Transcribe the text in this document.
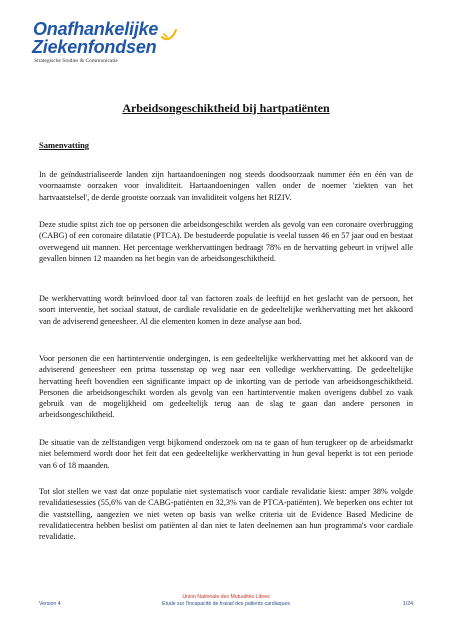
Onafhankelijke
Ziekenfondsen
Strategische Studies & Communicatie
Arbeidsongeschiktheid bij hartpatiënten
Samenvatting

In de geïndustrialiseerde landen zijn hartaandoeningen nog steeds doodsoorzaak nummer één en één van de voornaamste oorzaken voor invaliditeit. Hartaandoeningen vallen onder de noemer 'ziekten van het hartvaatstelsel', de derde grootste oorzaak van invaliditeit volgens het RIZIV.

Deze studie spitst zich toe op personen die arbeidsongeschikt werden als gevolg van een coronaire overbrugging (CABG) of een coronaire dilatatie (PTCA). De bestudeerde populatie is veelal tussen 46 en 57 jaar oud en bestaat overwegend uit mannen. Het percentage werkhervattingen bedraagt 78% en de hervatting gebeurt in vrijwel alle gevallen binnen 12 maanden na het begin van de arbeidsongeschiktheid.

De werkhervatting wordt beïnvloed door tal van factoren zoals de leeftijd en het geslacht van de persoon, het soort interventie, het sociaal statuut, de cardiale revalidatie en de gedeeltelijke werkhervatting met het akkoord van de adviserend geneesheer. Al die elementen komen in deze analyse aan bod.

Voor personen die een hartinterventie ondergingen, is een gedeeltelijke werkhervatting met het akkoord van de adviserend geneesheer een prima tussenstap op weg naar een volledige werkhervatting. De gedeeltelijke hervatting heeft bovendien een significante impact op de inkorting van de periode van arbeidsongeschiktheid. Personen die arbeidsongeschikt worden als gevolg van een hartinterventie maken overigens dubbel zo vaak gebruik van de mogelijkheid om gedeeltelijk terug aan de slag te gaan dan andere personen in arbeidsongeschiktheid.

De situatie van de zelfstandigen vergt bijkomend onderzoek om na te gaan of hun terugkeer op de arbeidsmarkt niet belemmerd wordt door het feit dat een gedeeltelijke werkhervatting in hun geval beperkt is tot een periode van 6 of 18 maanden.

Tot slot stellen we vast dat onze populatie niet systematisch voor cardiale revalidatie kiest: amper 38% volgde revalidatiesessies (55,6% van de CABG-patiënten en 32,3% van de PTCA-patiënten). We beperken ons echter tot die vaststelling, aangezien we niet weten op basis van welke criteria uit de Evidence Based Medicine de revalidatiecentra hebben beslist om patiënten al dan niet te laten deelnemen aan hun programma's voor cardiale revalidatie.

Union Nationale des Mutualités Libres
Version 4	Etude sur l'incapacité de travail des patients cardiaques	1/24
